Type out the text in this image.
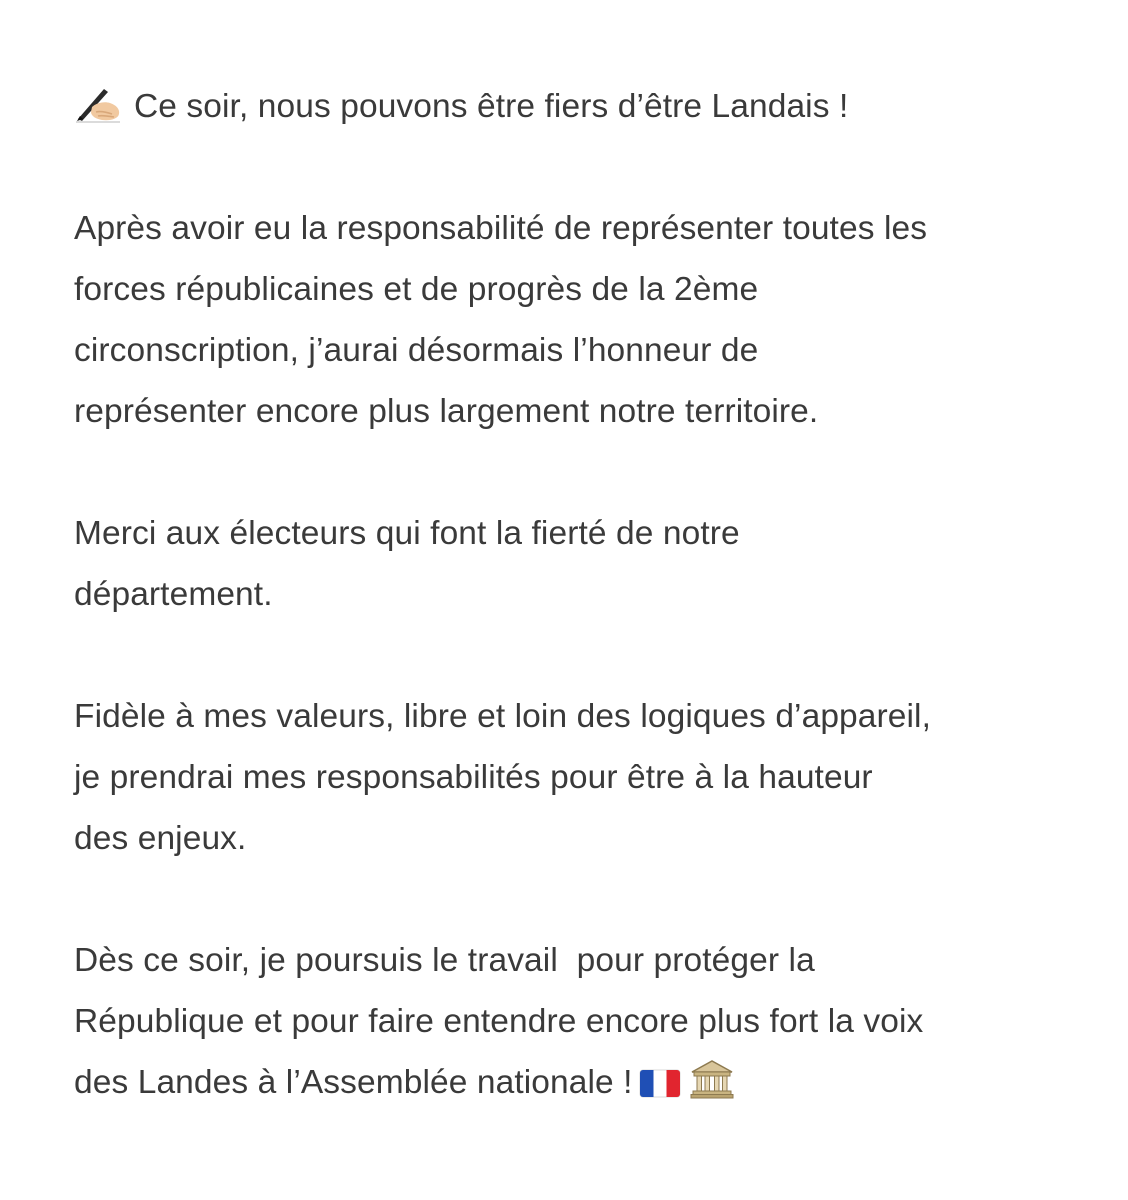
Ce soir, nous pouvons être fiers d’être Landais !

Après avoir eu la responsabilité de représenter toutes les
forces républicaines et de progrès de la 2ème
circonscription, j’aurai désormais l’honneur de
représenter encore plus largement notre territoire.

Merci aux électeurs qui font la fierté de notre
département.

Fidèle à mes valeurs, libre et loin des logiques d’appareil,
je prendrai mes responsabilités pour être à la hauteur
des enjeux.

Dès ce soir, je poursuis le travail  pour protéger la
République et pour faire entendre encore plus fort la voix
des Landes à l’Assemblée nationale !
